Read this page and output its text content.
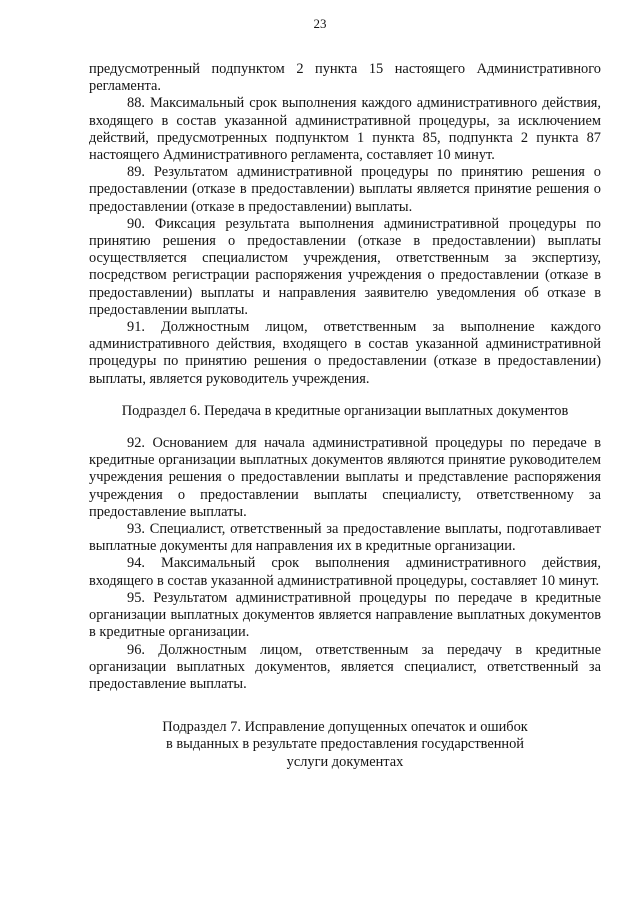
23

предусмотренный подпунктом 2 пункта 15 настоящего Административного регламента.

88. Максимальный срок выполнения каждого административного действия, входящего в состав указанной административной процедуры, за исключением действий, предусмотренных подпунктом 1 пункта 85, подпункта 2 пункта 87 настоящего Административного регламента, составляет 10 минут.

89. Результатом административной процедуры по принятию решения о предоставлении (отказе в предоставлении) выплаты является принятие решения о предоставлении (отказе в предоставлении) выплаты.

90. Фиксация результата выполнения административной процедуры по принятию решения о предоставлении (отказе в предоставлении) выплаты осуществляется специалистом учреждения, ответственным за экспертизу, посредством регистрации распоряжения учреждения о предоставлении (отказе в предоставлении) выплаты и направления заявителю уведомления об отказе в предоставлении выплаты.

91. Должностным лицом, ответственным за выполнение каждого административного действия, входящего в состав указанной административной процедуры по принятию решения о предоставлении (отказе в предоставлении) выплаты, является руководитель учреждения.

Подраздел 6. Передача в кредитные организации выплатных документов

92. Основанием для начала административной процедуры по передаче в кредитные организации выплатных документов являются принятие руководителем учреждения решения о предоставлении выплаты и представление распоряжения учреждения о предоставлении выплаты специалисту, ответственному за предоставление выплаты.

93. Специалист, ответственный за предоставление выплаты, подготавливает выплатные документы для направления их в кредитные организации.

94. Максимальный срок выполнения административного действия, входящего в состав указанной административной процедуры, составляет 10 минут.

95. Результатом административной процедуры по передаче в кредитные организации выплатных документов является направление выплатных документов в кредитные организации.

96. Должностным лицом, ответственным за передачу в кредитные организации выплатных документов, является специалист, ответственный за предоставление выплаты.

Подраздел 7. Исправление допущенных опечаток и ошибок в выданных в результате предоставления государственной услуги документах
